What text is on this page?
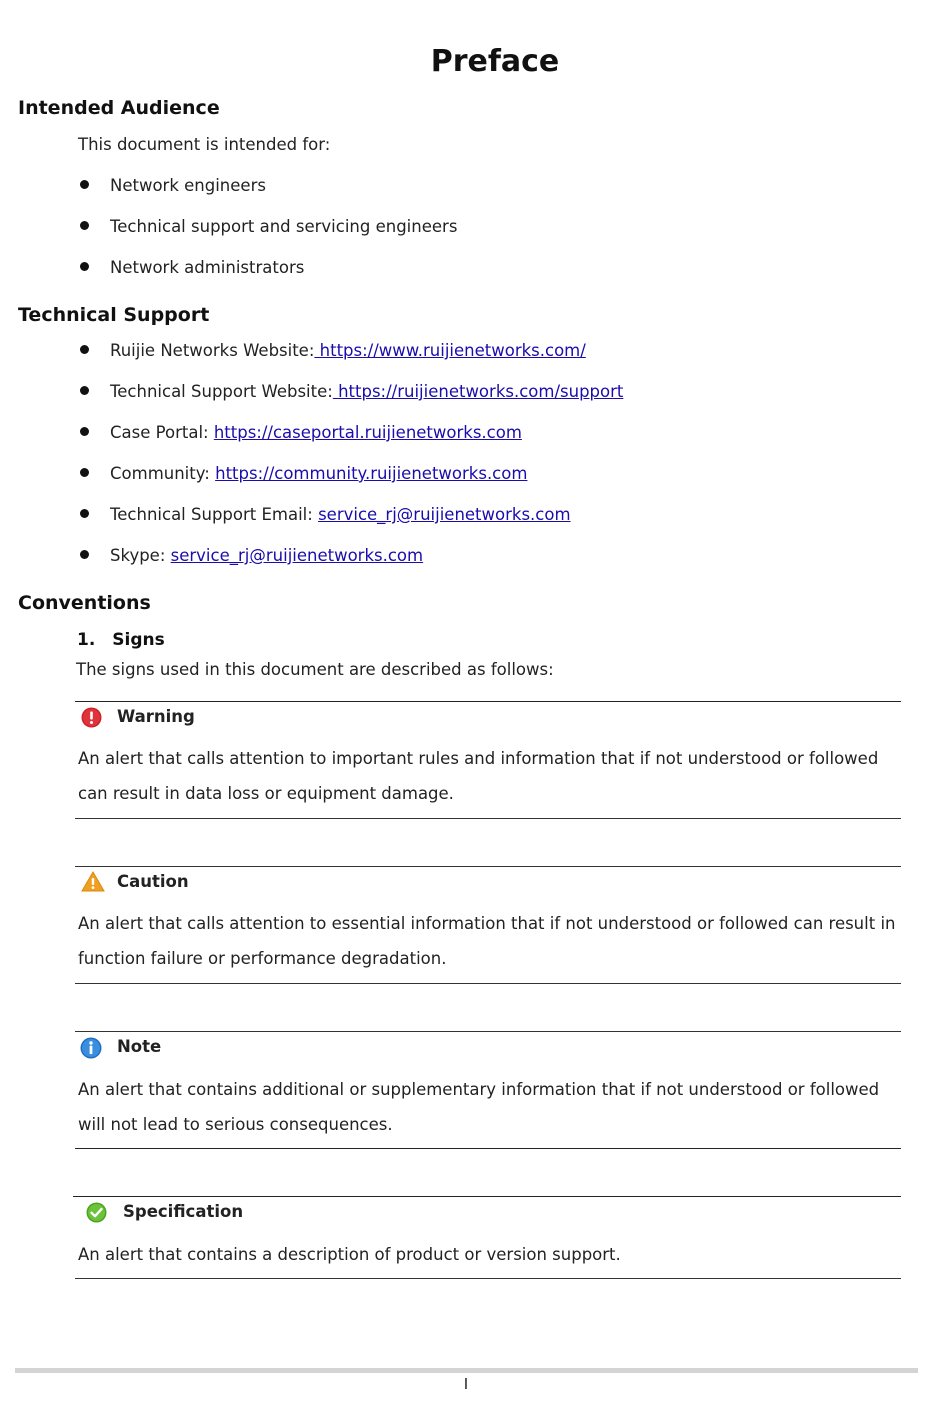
Preface
Intended Audience
This document is intended for:
Network engineers
Technical support and servicing engineers
Network administrators
Technical Support
Ruijie Networks Website: https://www.ruijienetworks.com/
Technical Support Website: https://ruijienetworks.com/support
Case Portal: https://caseportal.ruijienetworks.com
Community: https://community.ruijienetworks.com
Technical Support Email: service_rj@ruijienetworks.com
Skype: service_rj@ruijienetworks.com
Conventions
1. Signs
The signs used in this document are described as follows:
Warning
An alert that calls attention to important rules and information that if not understood or followed can result in data loss or equipment damage.
Caution
An alert that calls attention to essential information that if not understood or followed can result in function failure or performance degradation.
Note
An alert that contains additional or supplementary information that if not understood or followed will not lead to serious consequences.
Specification
An alert that contains a description of product or version support.
I
